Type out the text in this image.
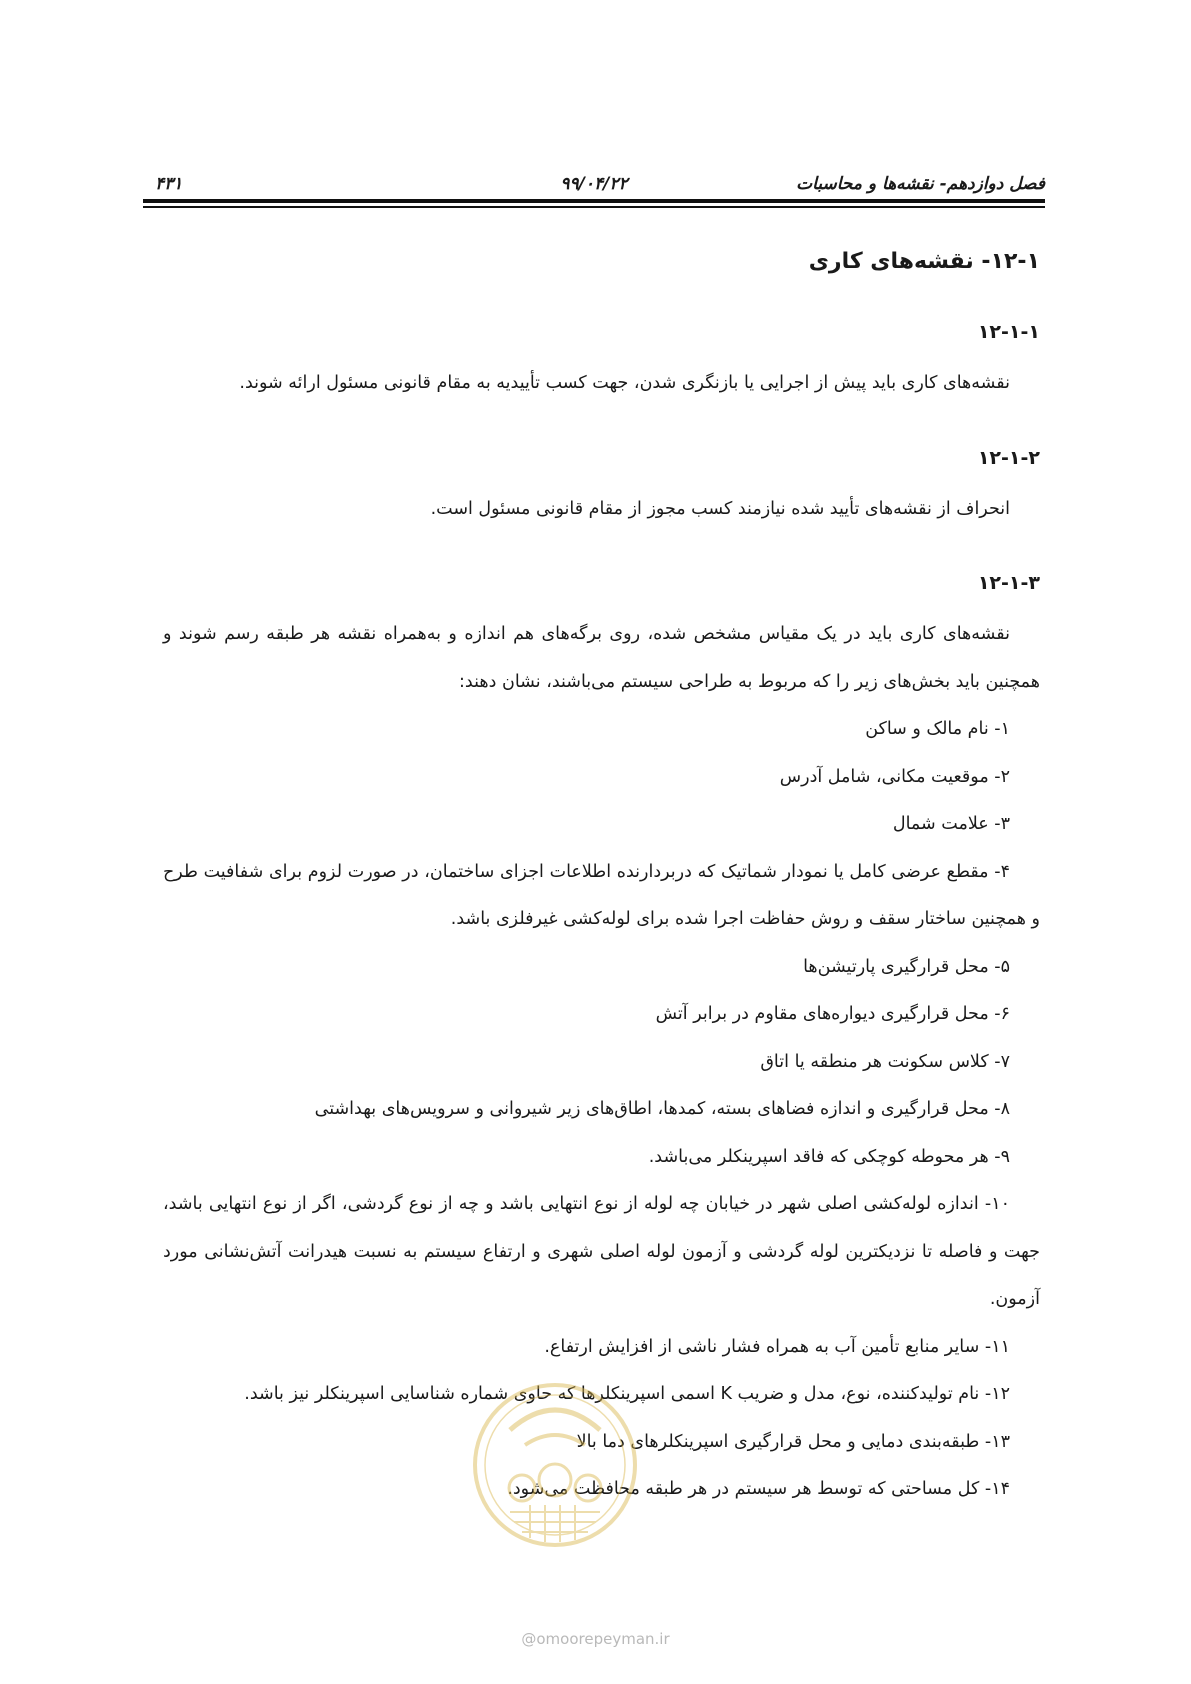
فصل دوازدهم- نقشه‌ها و محاسبات
۹۹/۰۴/۲۲
۴۳۱

۱۲-۱- نقشه‌های کاری

۱۲-۱-۱

نقشه‌های کاری باید پیش از اجرایی یا بازنگری شدن، جهت کسب تأییدیه به مقام قانونی مسئول ارائه شوند.

۱۲-۱-۲

انحراف از نقشه‌های تأیید شده نیازمند کسب مجوز از مقام قانونی مسئول است.

۱۲-۱-۳

نقشه‌های کاری باید در یک مقیاس مشخص شده، روی برگه‌های هم اندازه و به‌همراه نقشه هر طبقه رسم شوند و همچنین باید بخش‌های زیر را که مربوط به طراحی سیستم می‌باشند، نشان دهند:

۱- نام مالک و ساکن

۲- موقعیت مکانی، شامل آدرس

۳- علامت شمال

۴- مقطع عرضی کامل یا نمودار شماتیک که دربردارنده اطلاعات اجزای ساختمان، در صورت لزوم برای شفافیت طرح و همچنین ساختار سقف و روش حفاظت اجرا شده برای لوله‌کشی غیرفلزی باشد.

۵- محل قرارگیری پارتیشن‌ها

۶- محل قرارگیری دیواره‌های مقاوم در برابر آتش

۷- کلاس سکونت هر منطقه یا اتاق

۸- محل قرارگیری و اندازه فضاهای بسته، کمدها، اطاق‌های زیر شیروانی و سرویس‌های بهداشتی

۹- هر محوطه کوچکی که فاقد اسپرینکلر می‌باشد.

۱۰- اندازه لوله‌کشی اصلی شهر در خیابان چه لوله از نوع انتهایی باشد و چه از نوع گردشی، اگر از نوع انتهایی باشد، جهت و فاصله تا نزدیکترین لوله گردشی و آزمون لوله اصلی شهری و ارتفاع سیستم به نسبت هیدرانت آتش‌نشانی مورد آزمون.

۱۱- سایر منابع تأمین آب به همراه فشار ناشی از افزایش ارتفاع.

۱۲- نام تولیدکننده، نوع، مدل و ضریب K اسمی اسپرینکلرها که حاوی شماره شناسایی اسپرینکلر نیز باشد.

۱۳- طبقه‌بندی دمایی و محل قرارگیری اسپرینکلرهای دما بالا

۱۴- کل مساحتی که توسط هر سیستم در هر طبقه محافظت می‌شود.

@omoorepeyman.ir
